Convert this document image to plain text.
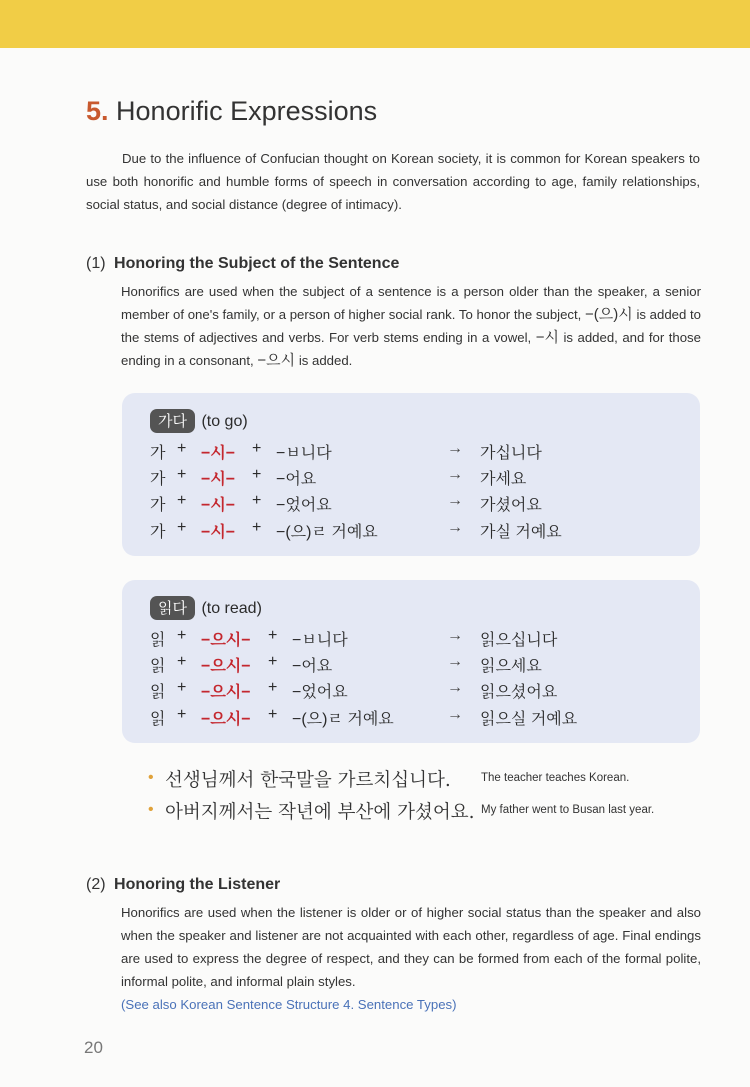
5. Honorific Expressions
Due to the influence of Confucian thought on Korean society, it is common for Korean speakers to use both honorific and humble forms of speech in conversation according to age, family relationships, social status, and social distance (degree of intimacy).
(1) Honoring the Subject of the Sentence
Honorifics are used when the subject of a sentence is a person older than the speaker, a senior member of one's family, or a person of higher social rank. To honor the subject, −(으)시 is added to the stems of adjectives and verbs. For verb stems ending in a vowel, −시 is added, and for those ending in a consonant, −으시 is added.
가다 (to go)
가 + −시− + −ㅂ니다	→ 가십니다
가 + −시− + −어요	→ 가세요
가 + −시− + −었어요	→ 가셨어요
가 + −시− + −(으)ㄹ 거예요	→ 가실 거예요
읽다 (to read)
읽 + −으시− + −ㅂ니다	→ 읽으십니다
읽 + −으시− + −어요	→ 읽으세요
읽 + −으시− + −었어요	→ 읽으셨어요
읽 + −으시− + −(으)ㄹ 거예요	→ 읽으실 거예요
• 선생님께서 한국말을 가르치십니다.	The teacher teaches Korean.
• 아버지께서는 작년에 부산에 가셨어요. My father went to Busan last year.
(2) Honoring the Listener
Honorifics are used when the listener is older or of higher social status than the speaker and also when the speaker and listener are not acquainted with each other, regardless of age. Final endings are used to express the degree of respect, and they can be formed from each of the formal polite, informal polite, and informal plain styles.
(See also Korean Sentence Structure 4. Sentence Types)
20
